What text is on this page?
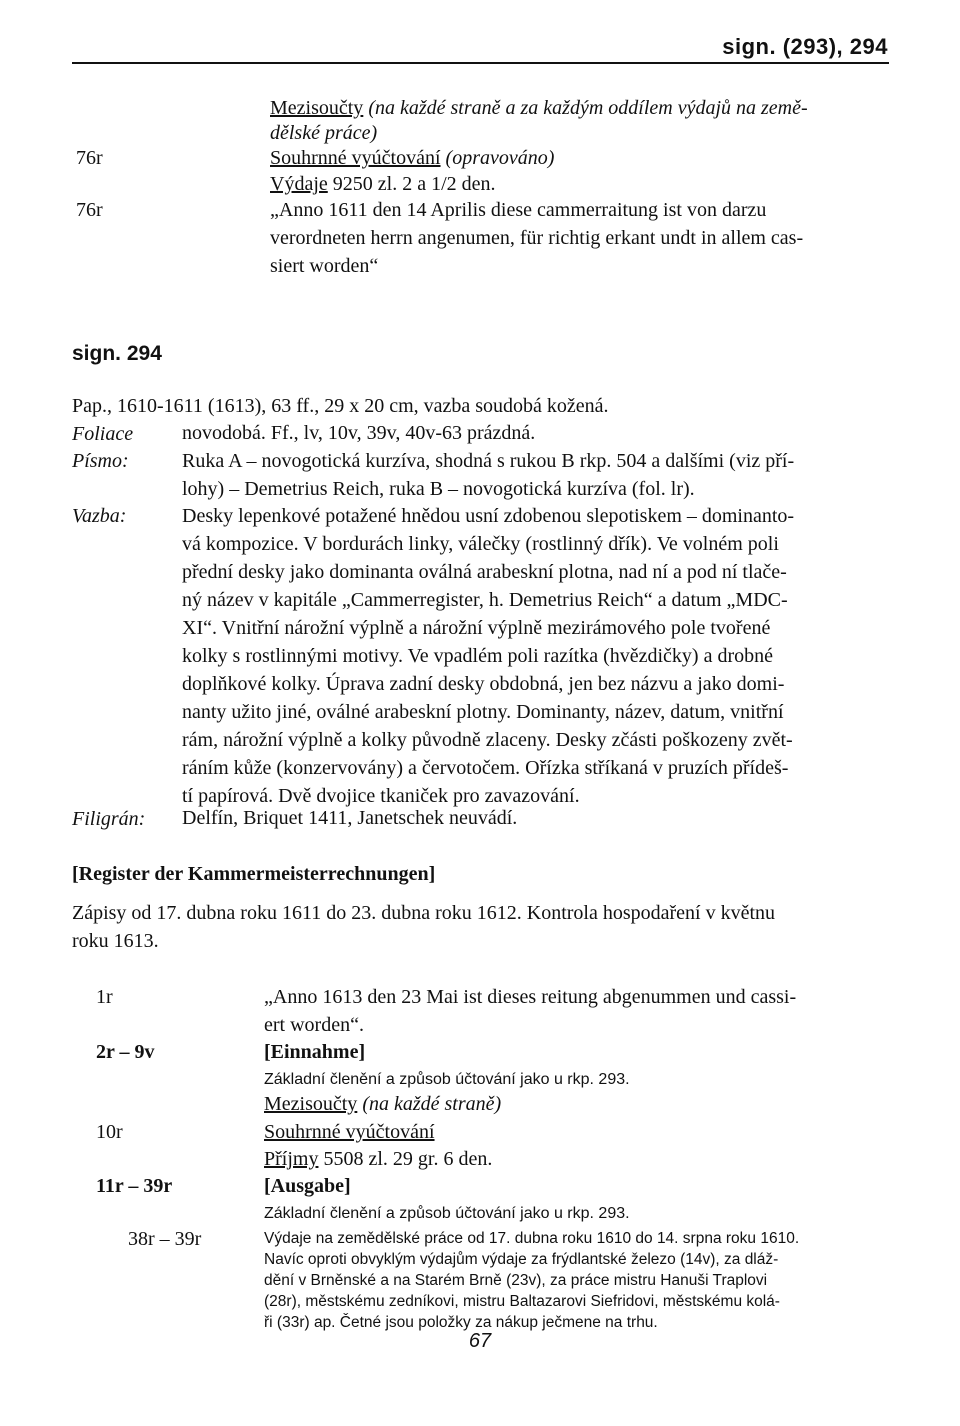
sign. (293), 294
Mezisoučty (na každé straně a za každým oddílem výdajů na země-
dělské práce)
76r	Souhrnné vyúčtování (opravováno)
Výdaje 9250 zl. 2 a 1/2 den.
76r	„Anno 1611 den 14 Aprilis diese cammerraitung ist von darzu
verordneten herrn angenumen, für richtig erkant undt in allem cas-
siert worden“
sign. 294
Pap., 1610-1611 (1613), 63 ff., 29 x 20 cm, vazba soudobá kožená.
Foliace novodobá. Ff., lv, 10v, 39v, 40v-63 prázdná.
Písmo:	Ruka A – novogotická kurzíva, shodná s rukou B rkp. 504 a dalšími (viz pří-
lohy) – Demetrius Reich, ruka B – novogotická kurzíva (fol. lr).
Vazba:	Desky lepenkové potažené hnědou usní zdobenou slepotiskem – dominanto-
vá kompozice. V bordurách linky, válečky (rostlinný dřík). Ve volném poli
přední desky jako dominanta oválná arabeskní plotna, nad ní a pod ní tlače-
ný název v kapitále „Cammerregister, h. Demetrius Reich“ a datum „MDC-
XI“. Vnitřní nárožní výplně a nárožní výplně mezirámového pole tvořené
kolky s rostlinnými motivy. Ve vpadlém poli razítka (hvězdičky) a drobné
doplňkové kolky. Úprava zadní desky obdobná, jen bez názvu a jako domi-
nanty užito jiné, oválné arabeskní plotny. Dominanty, název, datum, vnitřní
rám, nárožní výplně a kolky původně zlaceny. Desky zčásti poškozeny zvět-
ráním kůže (konzervovány) a červotočem. Ořízka stříkaná v pruzích přídeš-
tí papírová. Dvě dvojice tkaniček pro zavazování.
Filigrán: Delfín, Briquet 1411, Janetschek neuvádí.
[Register der Kammermeisterrechnungen]
Zápisy od 17. dubna roku 1611 do 23. dubna roku 1612. Kontrola hospodaření v květnu
roku 1613.
1r	„Anno 1613 den 23 Mai ist dieses reitung abgenummen und cassi-
ert worden“.
2r – 9v	[Einnahme]
Základní členění a způsob účtování jako u rkp. 293.
Mezisoučty (na každé straně)
10r	Souhrnné vyúčtování
Příjmy 5508 zl. 29 gr. 6 den.
11r – 39r	[Ausgabe]
Základní členění a způsob účtování jako u rkp. 293.
38r – 39r	Výdaje na zemědělské práce od 17. dubna roku 1610 do 14. srpna roku 1610.
Navíc oproti obvyklým výdajům výdaje za frýdlantské železo (14v), za dláž-
dění v Brněnské a na Starém Brně (23v), za práce mistru Hanuši Traplovi
(28r), městskému zedníkovi, mistru Baltazarovi Siefridovi, městskému kolá-
ři (33r) ap. Četné jsou položky za nákup ječmene na trhu.
67
